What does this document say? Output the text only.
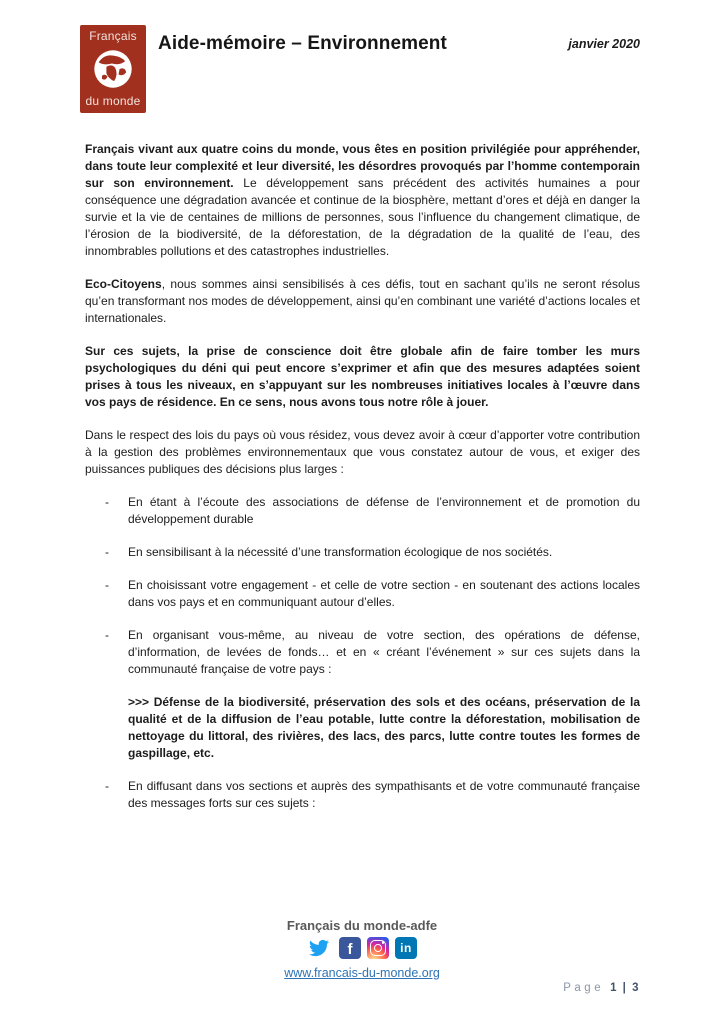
Français
du monde
Aide-mémoire – Environnement	janvier 2020

Français vivant aux quatre coins du monde, vous êtes en position privilégiée pour appréhender, dans toute leur complexité et leur diversité, les désordres provoqués par l’homme contemporain sur son environnement. Le développement sans précédent des activités humaines a pour conséquence une dégradation avancée et continue de la biosphère, mettant d’ores et déjà en danger la survie et la vie de centaines de millions de personnes, sous l’influence du changement climatique, de l’érosion de la biodiversité, de la déforestation, de la dégradation de la qualité de l’eau, des innombrables pollutions et des catastrophes industrielles.

Eco-Citoyens, nous sommes ainsi sensibilisés à ces défis, tout en sachant qu’ils ne seront résolus qu’en transformant nos modes de développement, ainsi qu’en combinant une variété d’actions locales et internationales.

Sur ces sujets, la prise de conscience doit être globale afin de faire tomber les murs psychologiques du déni qui peut encore s’exprimer et afin que des mesures adaptées soient prises à tous les niveaux, en s’appuyant sur les nombreuses initiatives locales à l’œuvre dans vos pays de résidence. En ce sens, nous avons tous notre rôle à jouer.

Dans le respect des lois du pays où vous résidez, vous devez avoir à cœur d’apporter votre contribution à la gestion des problèmes environnementaux que vous constatez autour de vous, et exiger des puissances publiques des décisions plus larges :

-	En étant à l’écoute des associations de défense de l’environnement et de promotion du développement durable
-	En sensibilisant à la nécessité d’une transformation écologique de nos sociétés.
-	En choisissant votre engagement - et celle de votre section - en soutenant des actions locales dans vos pays et en communiquant autour d’elles.
-	En organisant vous-même, au niveau de votre section, des opérations de défense, d’information, de levées de fonds… et en « créant l’événement » sur ces sujets dans la communauté française de votre pays :

>>> Défense de la biodiversité, préservation des sols et des océans, préservation de la qualité et de la diffusion de l’eau potable, lutte contre la déforestation, mobilisation de nettoyage du littoral, des rivières, des lacs, des parcs, lutte contre toutes les formes de gaspillage, etc.

-	En diffusant dans vos sections et auprès des sympathisants et de votre communauté française des messages forts sur ces sujets :
Français du monde-adfe
f	in
www.francais-du-monde.org
Page 1 | 3
